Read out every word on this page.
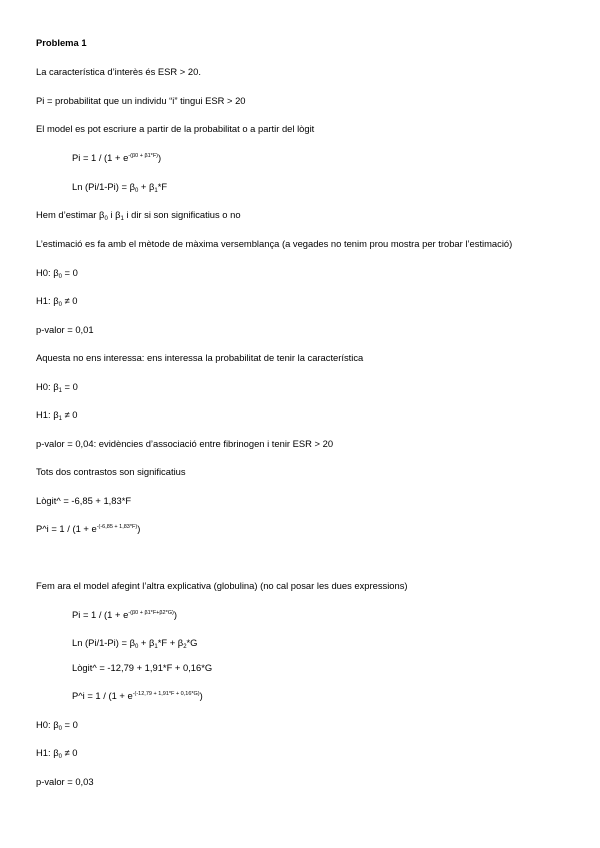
Problema 1
La característica d’interès és ESR > 20.
Pi = probabilitat que un individu “i” tingui ESR > 20
El model es pot escriure a partir de la probabilitat o a partir del lògit
$Pi = 1 / (1 + e^{-(\beta 0 + \beta 1*F)})$
Ln $(Pi/1-Pi) = \beta_0 + \beta_1*F$
Hem d’estimar $\beta_0$ i $\beta_1$ i dir si son significatius o no
L’estimació es fa amb el mètode de màxima versemblança (a vegades no tenim prou mostra per trobar l’estimació)
H0: $\beta_0 = 0$
H1: $\beta_0 \ne 0$
p-valor = 0,01
Aquesta no ens interessa: ens interessa la probabilitat de tenir la característica
H0: $\beta_1 = 0$
H1: $\beta_1 \ne 0$
p-valor = 0,04: evidències d’associació entre fibrinogen i tenir ESR > 20
Tots dos contrastos son significatius
Lògit^ = -6,85 + 1,83*F
P^i = $1 / (1 + e^{-(-6,85 + 1,83*F)})$
Fem ara el model afegint l’altra explicativa (globulina) (no cal posar les dues expressions)
$Pi = 1 / (1 + e^{-(\beta 0 + \beta 1*F+\beta 2*G)})$
Ln $(Pi/1-Pi) = \beta_0 + \beta_1*F + \beta_2*G$
Lògit^ = -12,79 + 1,91*F + 0,16*G
P^i = $1 / (1 + e^{-(-12,79 + 1,91*F + 0,16*G)})$
H0: $\beta_0 = 0$
H1: $\beta_0 \ne 0$
p-valor = 0,03
